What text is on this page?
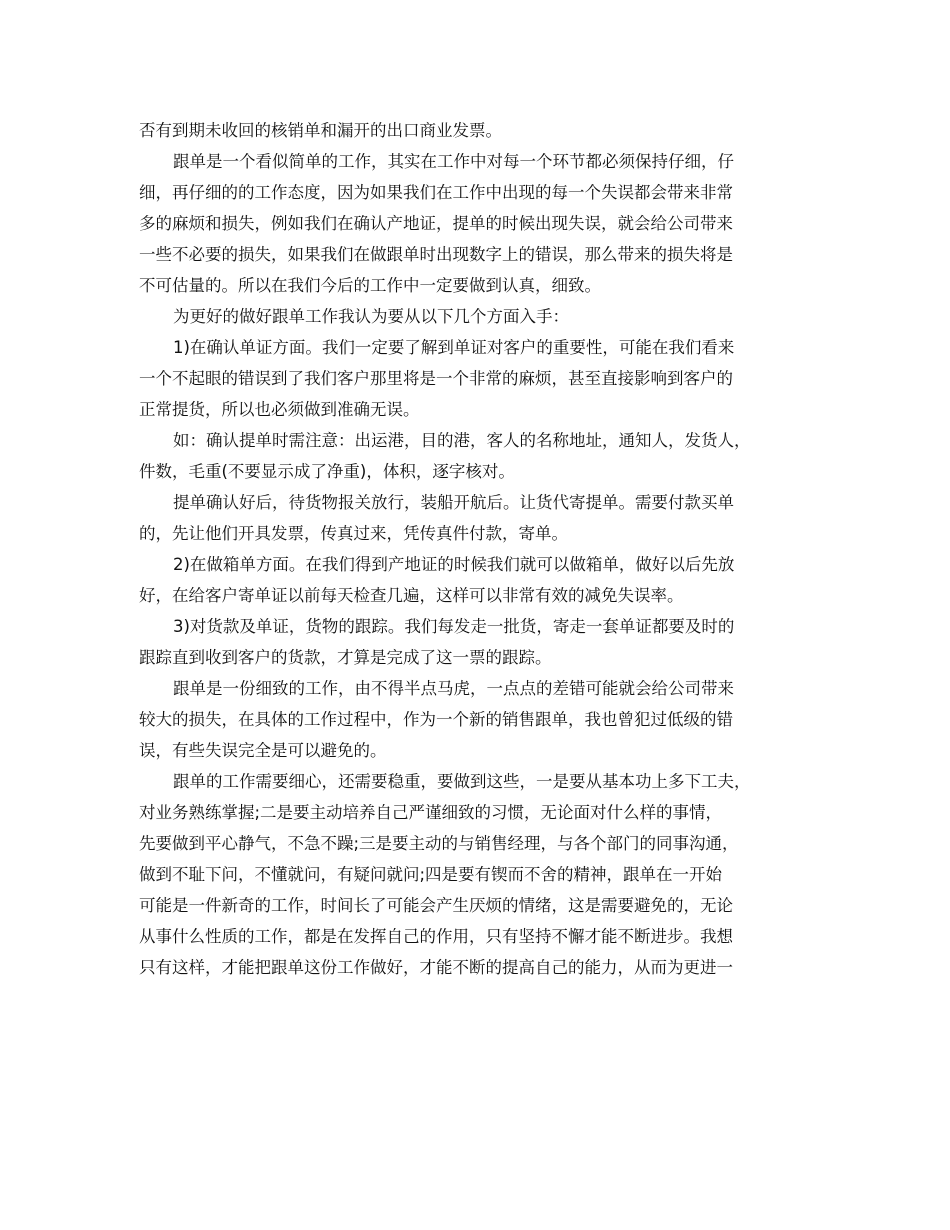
否有到期未收回的核销单和漏开的出口商业发票。

跟单是一个看似简单的工作，其实在工作中对每一个环节都必须保持仔细，仔
细，再仔细的的工作态度，因为如果我们在工作中出现的每一个失误都会带来非常
多的麻烦和损失，例如我们在确认产地证，提单的时候出现失误，就会给公司带来
一些不必要的损失，如果我们在做跟单时出现数字上的错误，那么带来的损失将是
不可估量的。所以在我们今后的工作中一定要做到认真，细致。

为更好的做好跟单工作我认为要从以下几个方面入手：

1)在确认单证方面。我们一定要了解到单证对客户的重要性，可能在我们看来
一个不起眼的错误到了我们客户那里将是一个非常的麻烦，甚至直接影响到客户的
正常提货，所以也必须做到准确无误。

如：确认提单时需注意：出运港，目的港，客人的名称地址，通知人，发货人，
件数，毛重(不要显示成了净重)，体积，逐字核对。

提单确认好后，待货物报关放行，装船开航后。让货代寄提单。需要付款买单
的，先让他们开具发票，传真过来，凭传真件付款，寄单。

2)在做箱单方面。在我们得到产地证的时候我们就可以做箱单，做好以后先放
好，在给客户寄单证以前每天检查几遍，这样可以非常有效的减免失误率。

3)对货款及单证，货物的跟踪。我们每发走一批货，寄走一套单证都要及时的
跟踪直到收到客户的货款，才算是完成了这一票的跟踪。

跟单是一份细致的工作，由不得半点马虎，一点点的差错可能就会给公司带来
较大的损失，在具体的工作过程中，作为一个新的销售跟单，我也曾犯过低级的错
误，有些失误完全是可以避免的。

跟单的工作需要细心，还需要稳重，要做到这些，一是要从基本功上多下工夫，
对业务熟练掌握;二是要主动培养自己严谨细致的习惯，无论面对什么样的事情，
先要做到平心静气，不急不躁;三是要主动的与销售经理，与各个部门的同事沟通，
做到不耻下问，不懂就问，有疑问就问;四是要有锲而不舍的精神，跟单在一开始
可能是一件新奇的工作，时间长了可能会产生厌烦的情绪，这是需要避免的，无论
从事什么性质的工作，都是在发挥自己的作用，只有坚持不懈才能不断进步。我想
只有这样，才能把跟单这份工作做好，才能不断的提高自己的能力，从而为更进一
